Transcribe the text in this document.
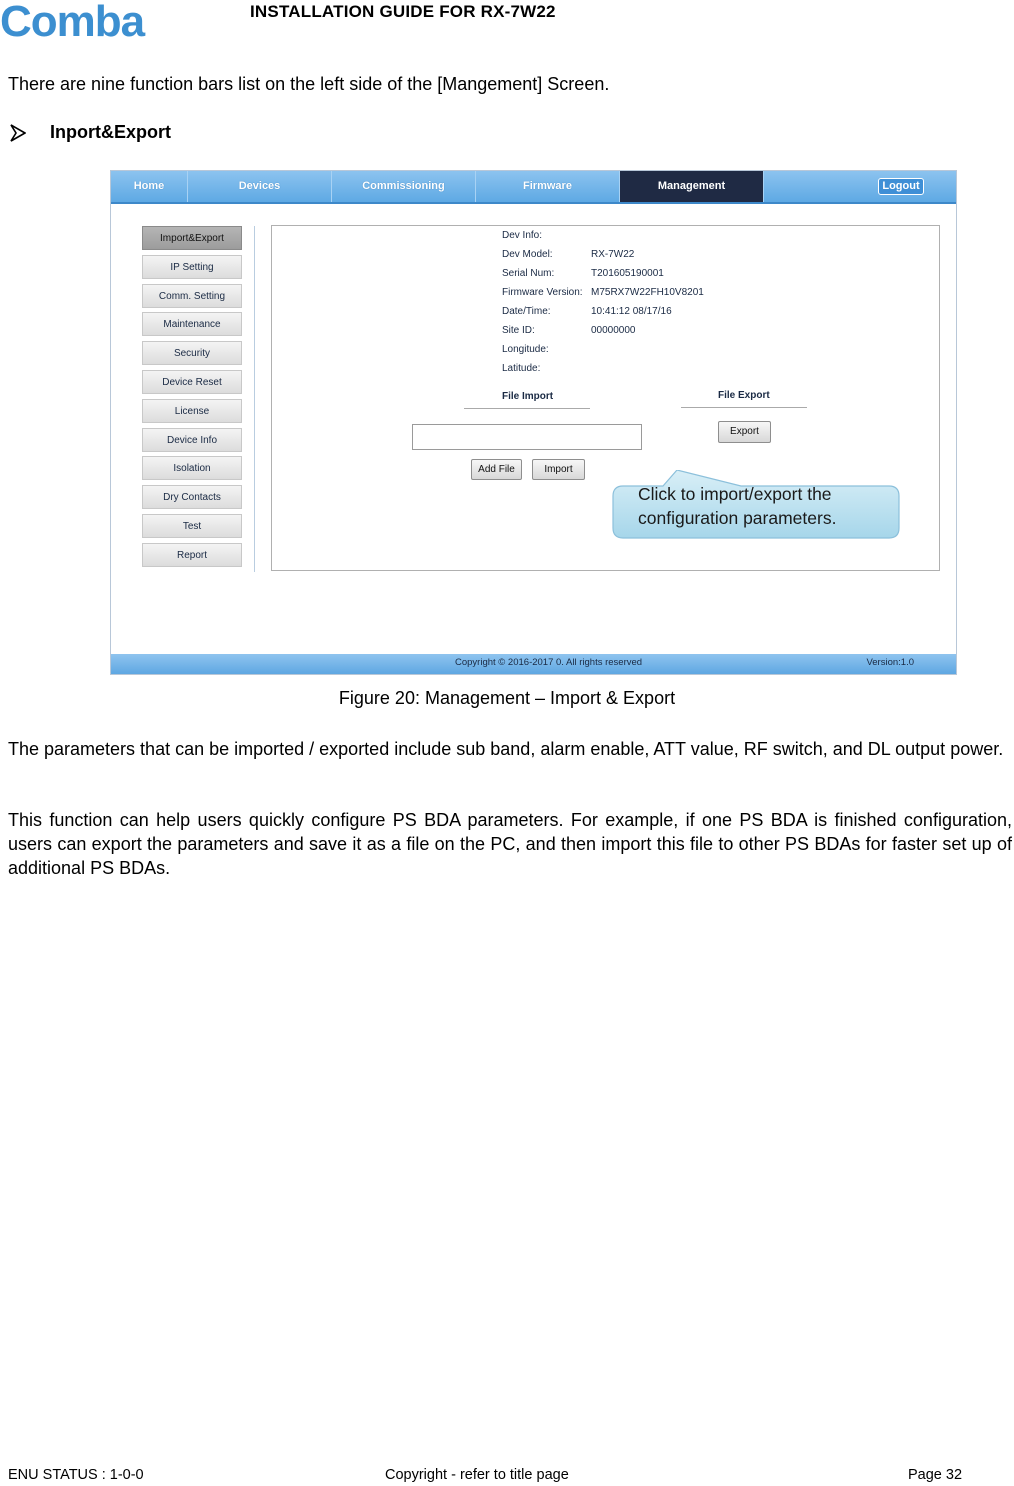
Comba	INSTALLATION GUIDE FOR RX-7W22
There are nine function bars list on the left side of the [Mangement] Screen.
Inport&Export
Home	Devices	Commissioning	Firmware	Management	Logout
Import&Export
IP Setting
Comm. Setting
Maintenance
Security
Device Reset
License
Device Info
Isolation
Dry Contacts
Test
Report
Dev Info:
Dev Model:	RX-7W22
Serial Num:	T201605190001
Firmware Version: M75RX7W22FH10V8201
Date/Time:	10:41:12 08/17/16
Site ID:	00000000
Longitude:
Latitude:
File Import	File Export
Add File	Import
Export
Click to import/export the configuration parameters.
Copyright © 2016-2017 0. All rights reserved	Version:1.0
Figure 20: Management – Import & Export
The parameters that can be imported / exported include sub band, alarm enable, ATT value, RF switch, and DL output power.
This function can help users quickly configure PS BDA parameters. For example, if one PS BDA is finished configuration, users can export the parameters and save it as a file on the PC, and then import this file to other PS BDAs for faster set up of additional PS BDAs.
ENU STATUS : 1-0-0	Copyright - refer to title page	Page 32
